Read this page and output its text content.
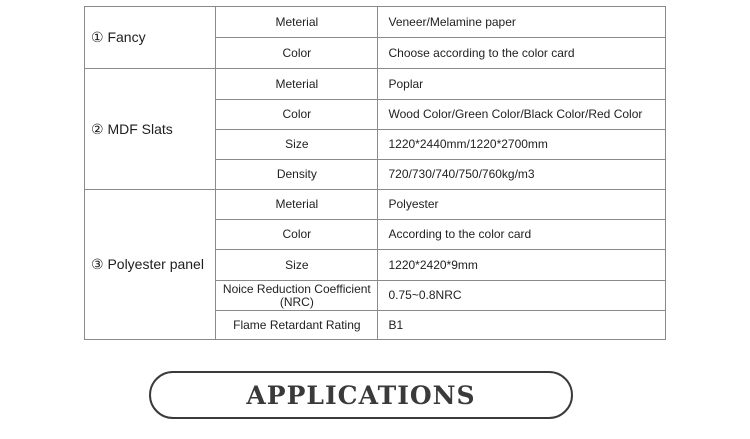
① Fancy	Meterial	Veneer/Melamine paper
	Color	Choose according to the color card
② MDF Slats	Meterial	Poplar
	Color	Wood Color/Green Color/Black Color/Red Color
	Size	1220*2440mm/1220*2700mm
	Density	720/730/740/750/760kg/m3
③ Polyester panel	Meterial	Polyester
	Color	According to the color card
	Size	1220*2420*9mm
	Noice Reduction Coefficient (NRC)	0.75~0.8NRC
	Flame Retardant Rating	B1
APPLICATIONS
